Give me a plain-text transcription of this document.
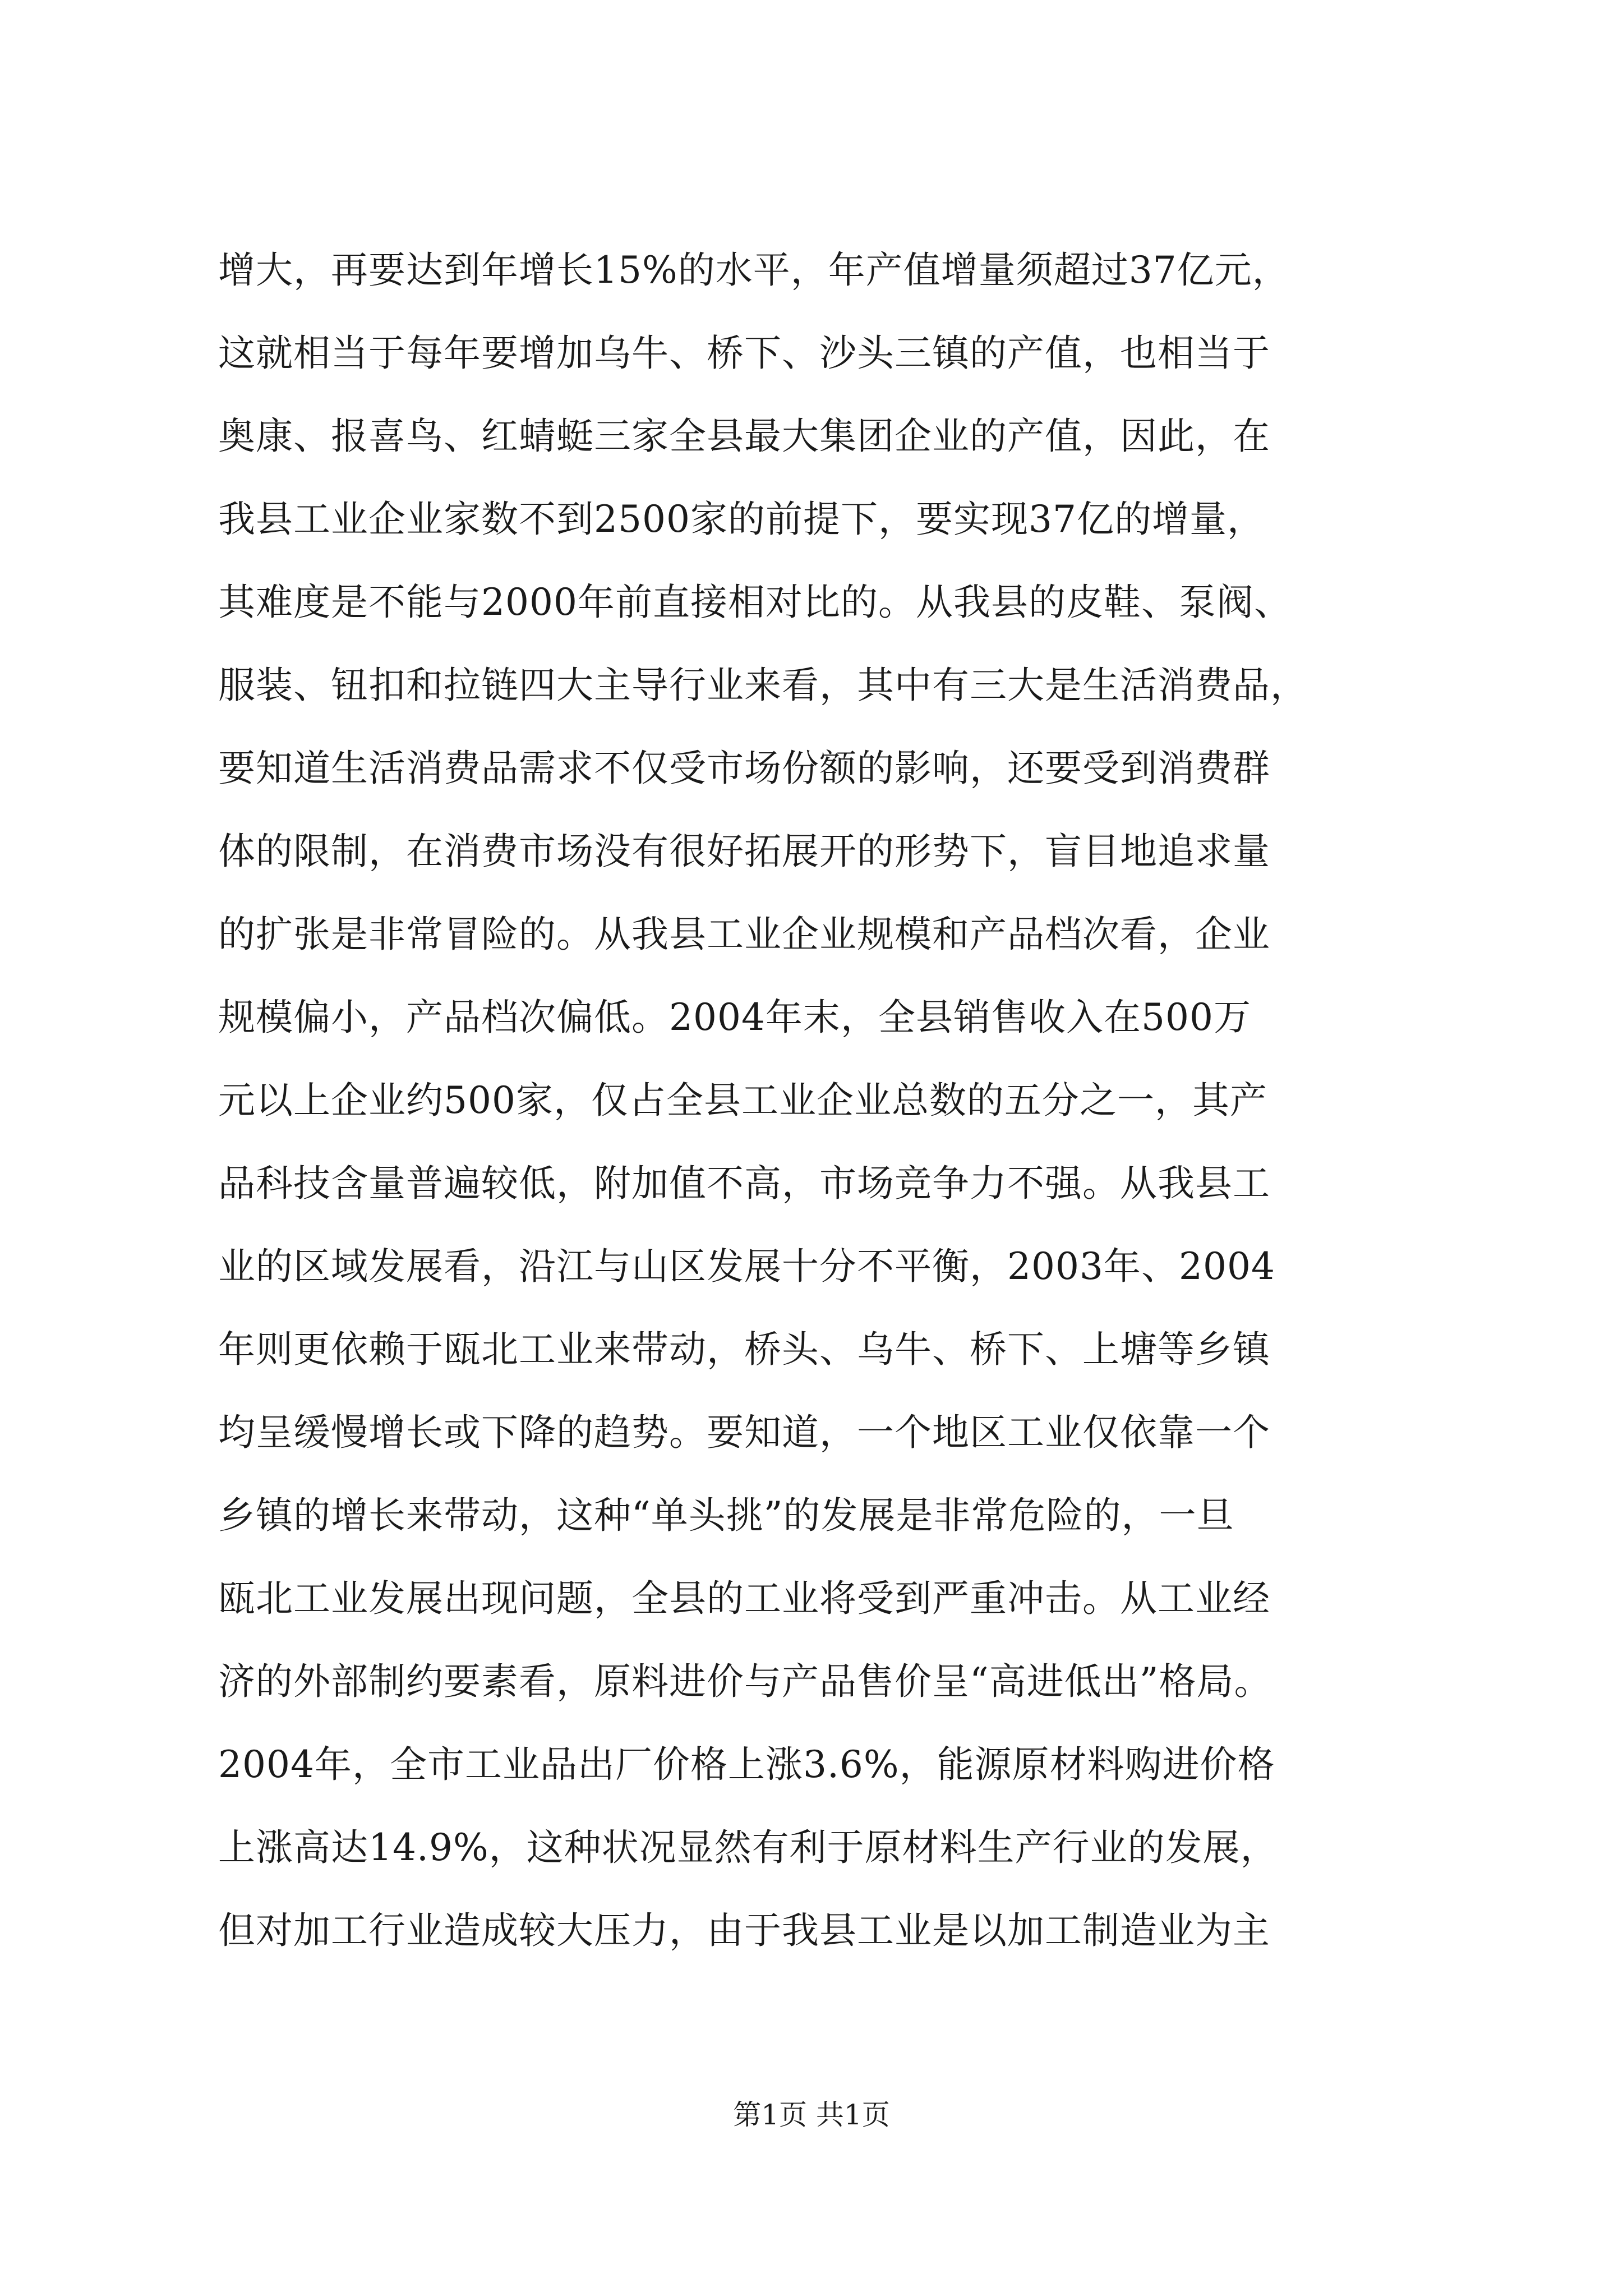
增大，再要达到年增长15%的水平，年产值增量须超过37亿元，
这就相当于每年要增加乌牛、桥下、沙头三镇的产值，也相当于
奥康、报喜鸟、红蜻蜓三家全县最大集团企业的产值，因此，在
我县工业企业家数不到2500家的前提下，要实现37亿的增量，
其难度是不能与2000年前直接相对比的。从我县的皮鞋、泵阀、
服装、钮扣和拉链四大主导行业来看，其中有三大是生活消费品，
要知道生活消费品需求不仅受市场份额的影响，还要受到消费群
体的限制，在消费市场没有很好拓展开的形势下，盲目地追求量
的扩张是非常冒险的。从我县工业企业规模和产品档次看，企业
规模偏小，产品档次偏低。2004年末，全县销售收入在500万
元以上企业约500家，仅占全县工业企业总数的五分之一，其产
品科技含量普遍较低，附加值不高，市场竞争力不强。从我县工
业的区域发展看，沿江与山区发展十分不平衡，2003年、2004
年则更依赖于瓯北工业来带动，桥头、乌牛、桥下、上塘等乡镇
均呈缓慢增长或下降的趋势。要知道，一个地区工业仅依靠一个
乡镇的增长来带动，这种“单头挑”的发展是非常危险的，一旦
瓯北工业发展出现问题，全县的工业将受到严重冲击。从工业经
济的外部制约要素看，原料进价与产品售价呈“高进低出”格局。
2004年，全市工业品出厂价格上涨3.6%，能源原材料购进价格
上涨高达14.9%，这种状况显然有利于原材料生产行业的发展，
但对加工行业造成较大压力，由于我县工业是以加工制造业为主
第1页 共1页
